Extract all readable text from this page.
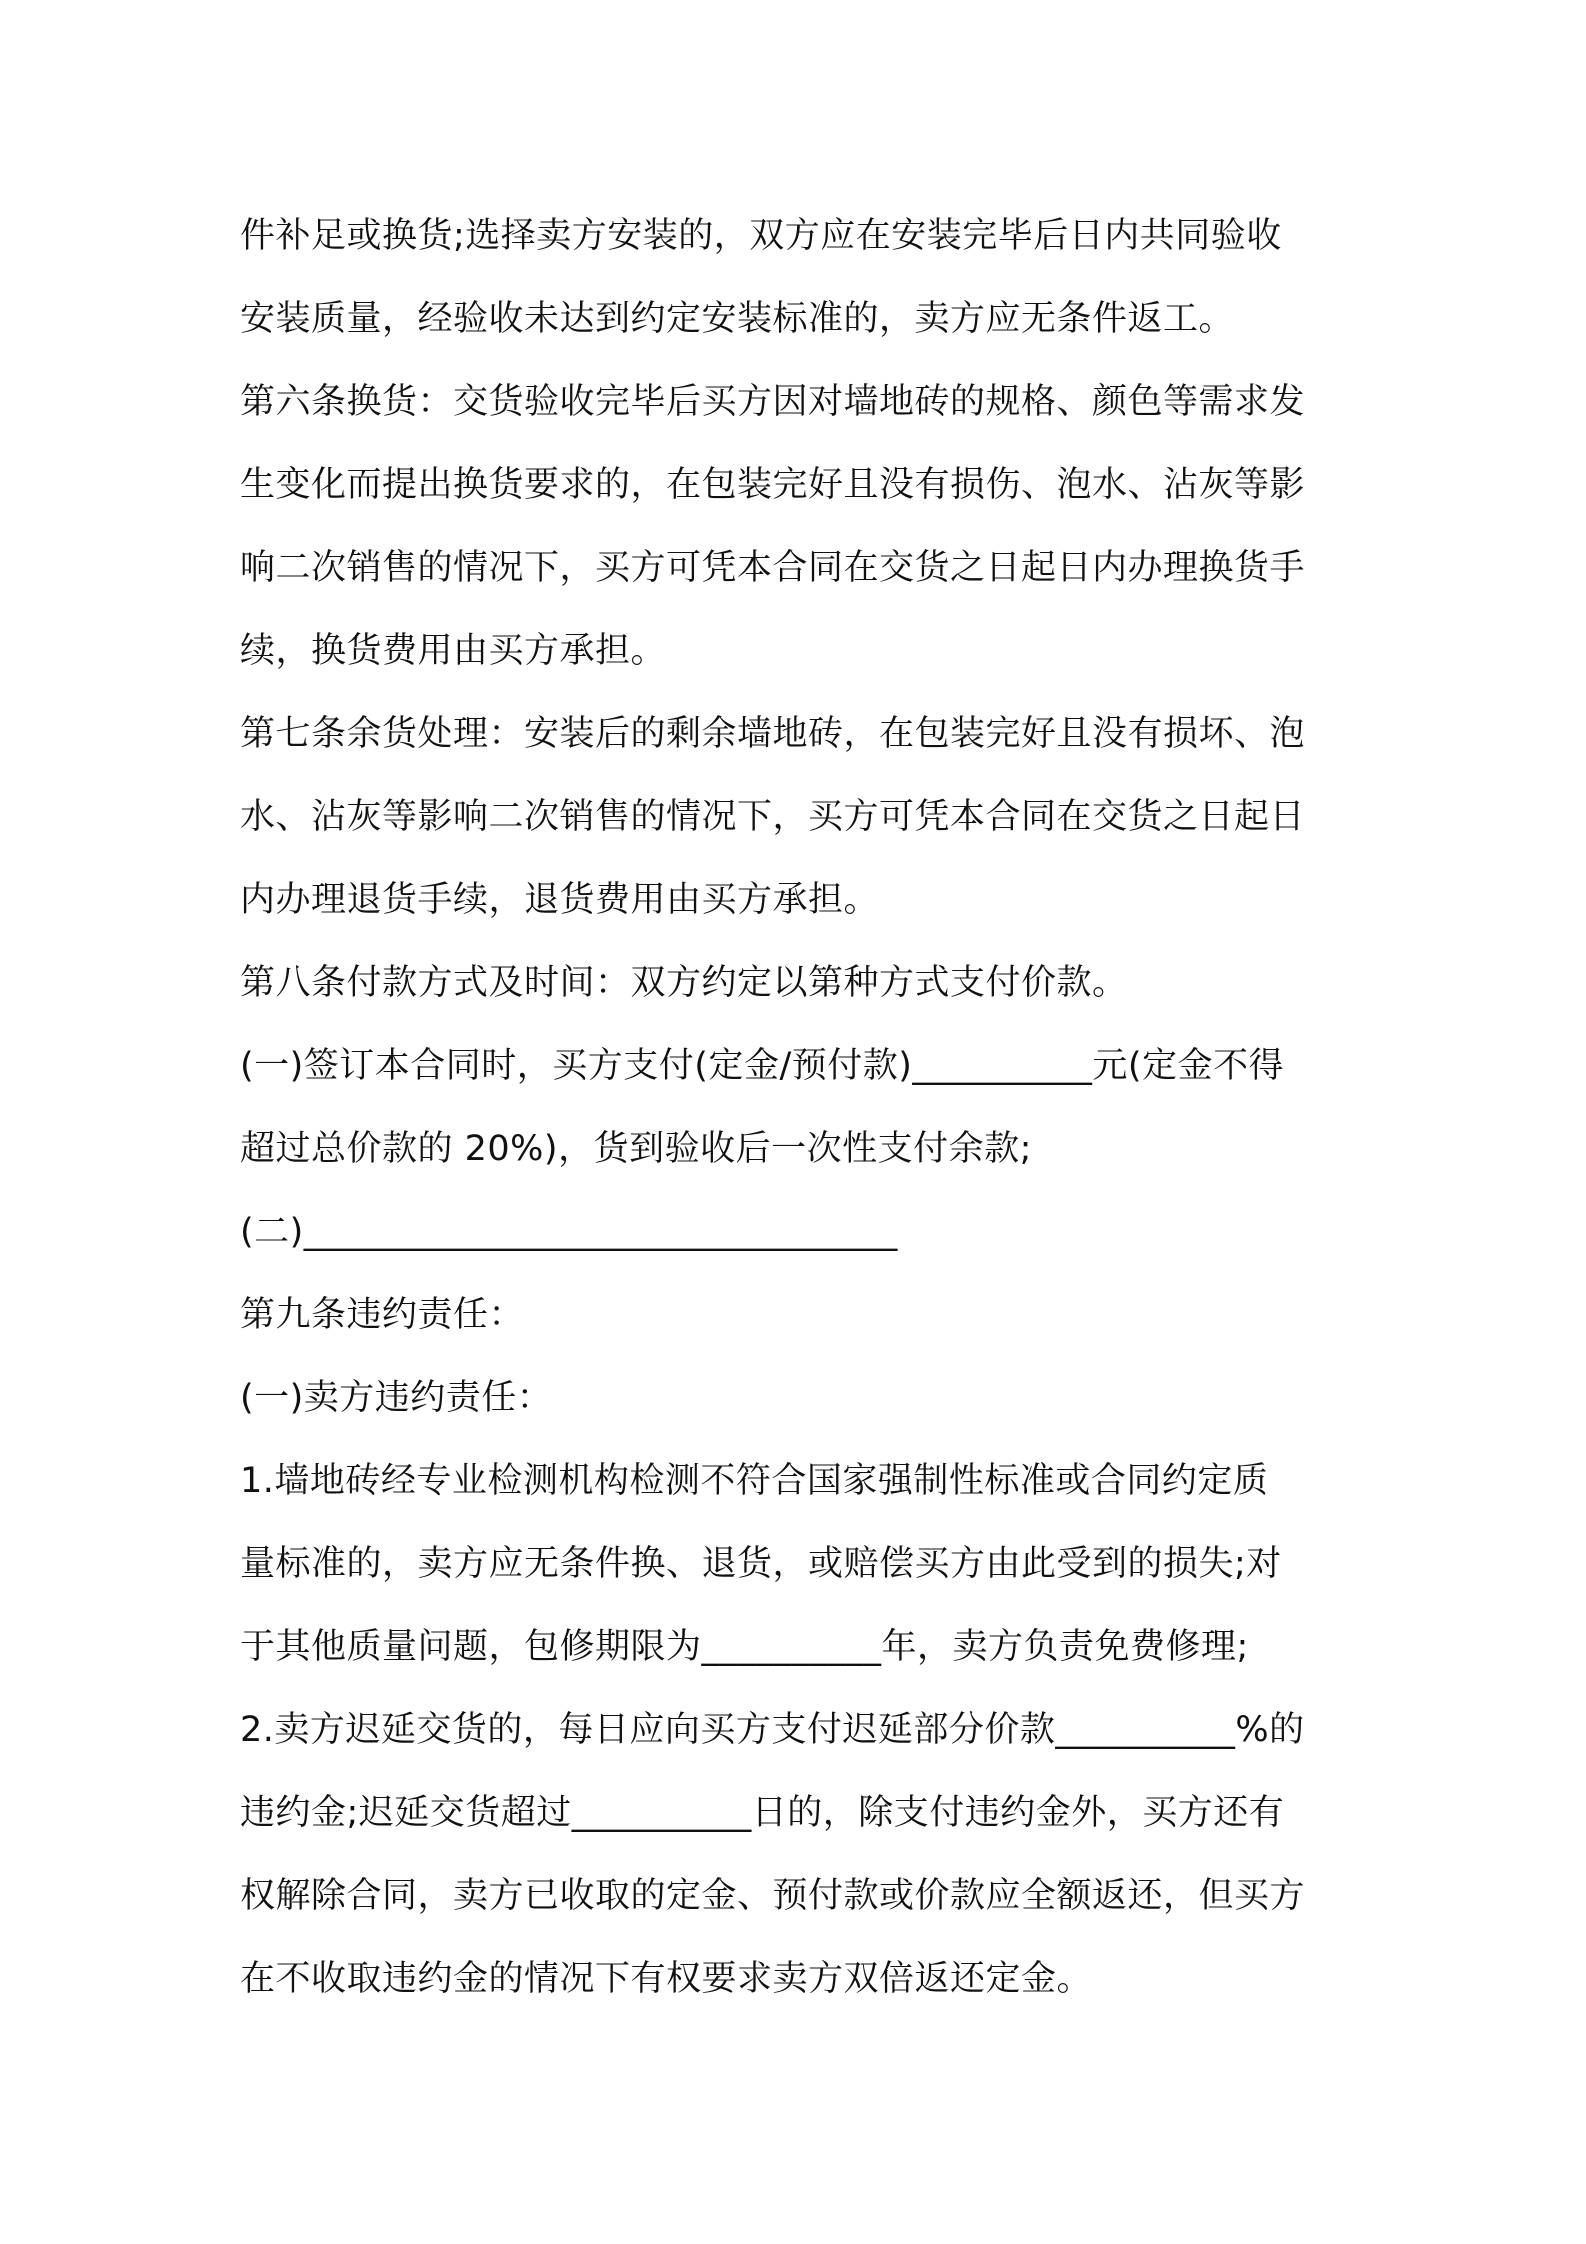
件补足或换货;选择卖方安装的，双方应在安装完毕后日内共同验收
安装质量，经验收未达到约定安装标准的，卖方应无条件返工。
第六条换货：交货验收完毕后买方因对墙地砖的规格、颜色等需求发
生变化而提出换货要求的，在包装完好且没有损伤、泡水、沾灰等影
响二次销售的情况下，买方可凭本合同在交货之日起日内办理换货手
续，换货费用由买方承担。
第七条余货处理：安装后的剩余墙地砖，在包装完好且没有损坏、泡
水、沾灰等影响二次销售的情况下，买方可凭本合同在交货之日起日
内办理退货手续，退货费用由买方承担。
第八条付款方式及时间：双方约定以第种方式支付价款。
(一)签订本合同时，买方支付(定金/预付款)__________元(定金不得
超过总价款的 20%)，货到验收后一次性支付余款;
(二)_________________________________
第九条违约责任：
(一)卖方违约责任：
1.墙地砖经专业检测机构检测不符合国家强制性标准或合同约定质
量标准的，卖方应无条件换、退货，或赔偿买方由此受到的损失;对
于其他质量问题，包修期限为__________年，卖方负责免费修理;
2.卖方迟延交货的，每日应向买方支付迟延部分价款__________%的
违约金;迟延交货超过__________日的，除支付违约金外，买方还有
权解除合同，卖方已收取的定金、预付款或价款应全额返还，但买方
在不收取违约金的情况下有权要求卖方双倍返还定金。
